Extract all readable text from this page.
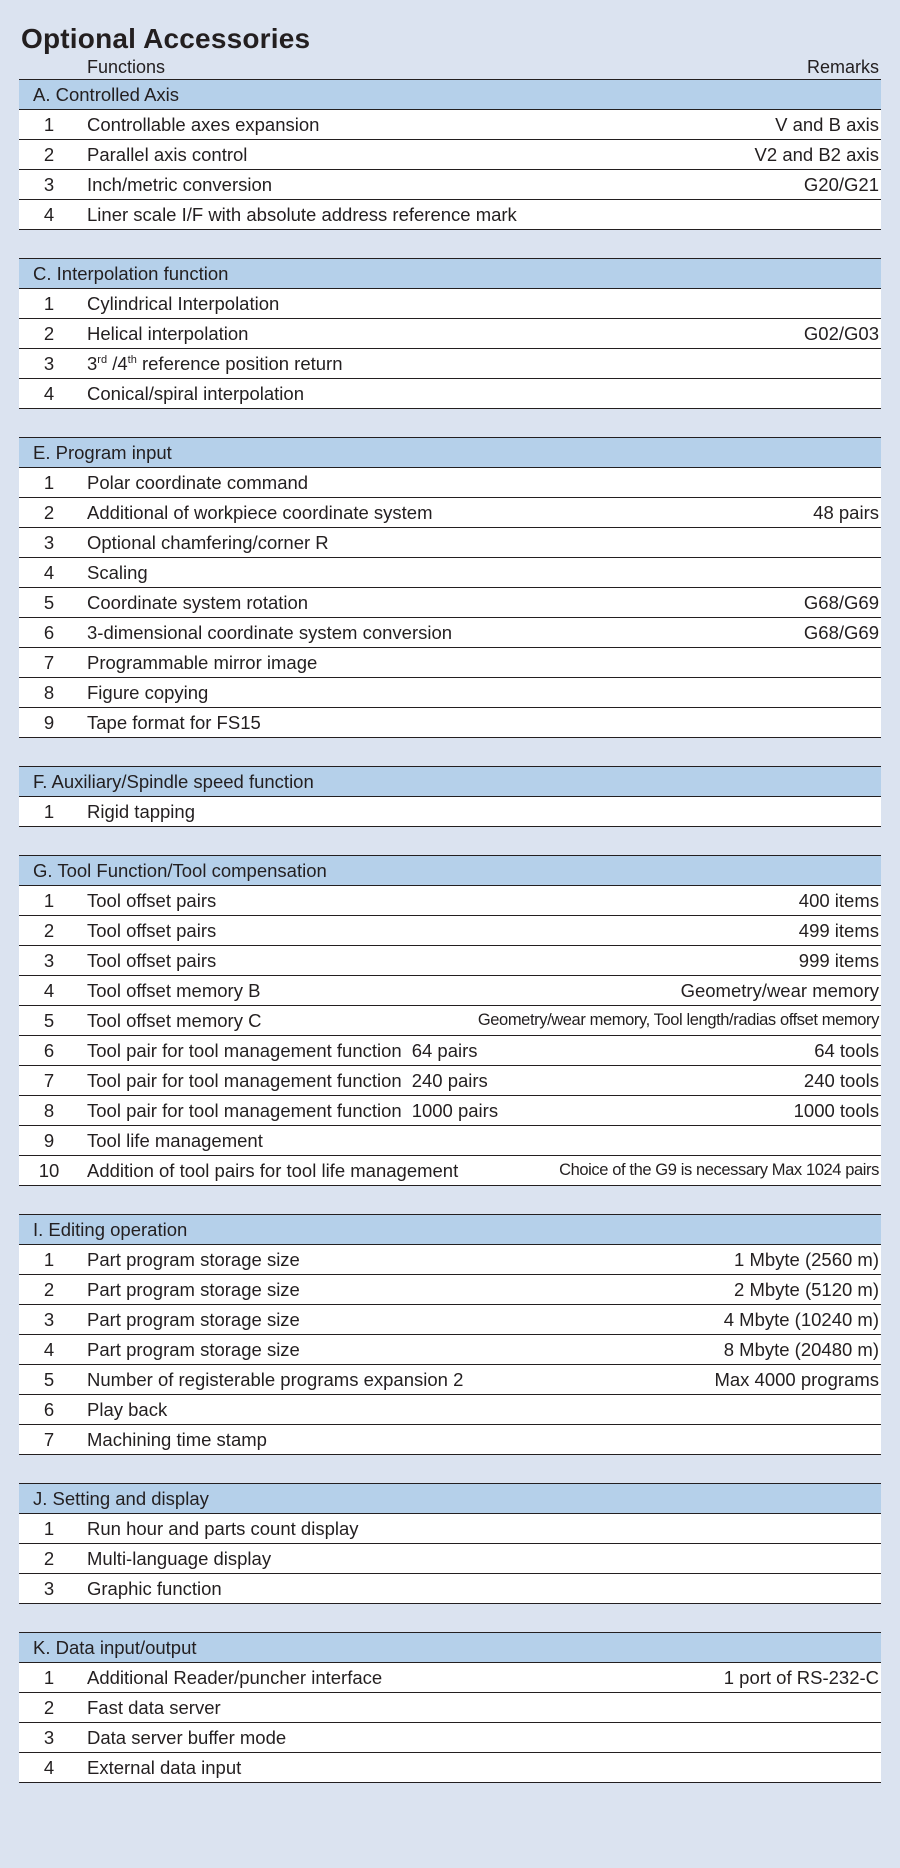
Optional Accessories
Functions	Remarks
A. Controlled Axis
1	Controllable axes expansion	V and B axis
2	Parallel axis control	V2 and B2 axis
3	Inch/metric conversion	G20/G21
4	Liner scale I/F with absolute address reference mark
C. Interpolation function
1	Cylindrical Interpolation
2	Helical interpolation	G02/G03
3	3rd /4th reference position return
4	Conical/spiral interpolation
E. Program input
1	Polar coordinate command
2	Additional of workpiece coordinate system	48 pairs
3	Optional chamfering/corner R
4	Scaling
5	Coordinate system rotation	G68/G69
6	3-dimensional coordinate system conversion	G68/G69
7	Programmable mirror image
8	Figure copying
9	Tape format for FS15
F. Auxiliary/Spindle speed function
1	Rigid tapping
G. Tool Function/Tool compensation
1	Tool offset pairs	400 items
2	Tool offset pairs	499 items
3	Tool offset pairs	999 items
4	Tool offset memory B	Geometry/wear memory
5	Tool offset memory C	Geometry/wear memory, Tool length/radias offset memory
6	Tool pair for tool management function 64 pairs	64 tools
7	Tool pair for tool management function 240 pairs	240 tools
8	Tool pair for tool management function 1000 pairs	1000 tools
9	Tool life management
10	Addition of tool pairs for tool life management	Choice of the G9 is necessary Max 1024 pairs
I. Editing operation
1	Part program storage size	1 Mbyte (2560 m)
2	Part program storage size	2 Mbyte (5120 m)
3	Part program storage size	4 Mbyte (10240 m)
4	Part program storage size	8 Mbyte (20480 m)
5	Number of registerable programs expansion 2	Max 4000 programs
6	Play back
7	Machining time stamp
J. Setting and display
1	Run hour and parts count display
2	Multi-language display
3	Graphic function
K. Data input/output
1	Additional Reader/puncher interface	1 port of RS-232-C
2	Fast data server
3	Data server buffer mode
4	External data input
